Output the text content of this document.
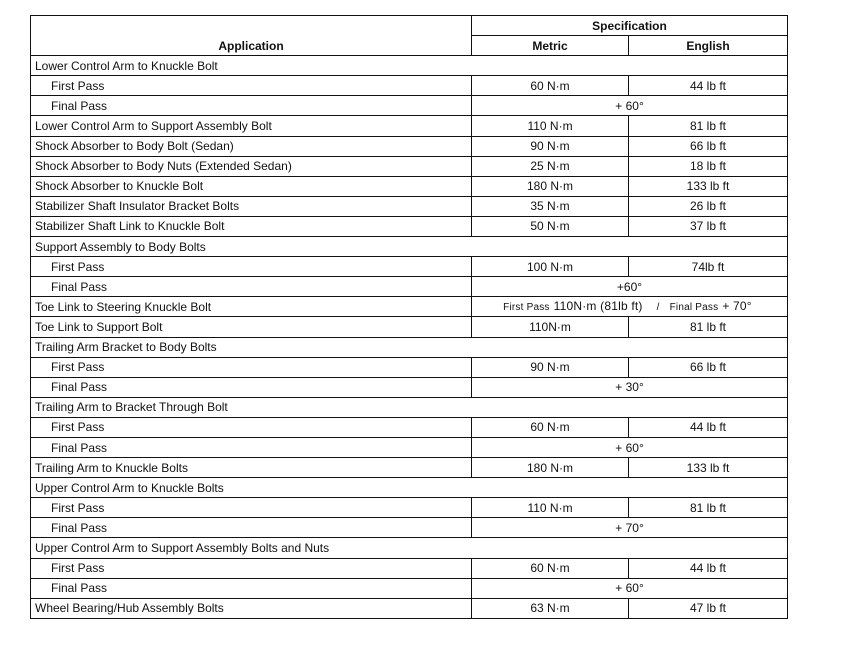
Application	Specification	
	Metric	English
Lower Control Arm to Knuckle Bolt		
First Pass	60 N·m	44 lb ft
Final Pass	+ 60°	
Lower Control Arm to Support Assembly Bolt	110 N·m	81 lb ft
Shock Absorber to Body Bolt (Sedan)	90 N·m	66 lb ft
Shock Absorber to Body Nuts (Extended Sedan)	25 N·m	18 lb ft
Shock Absorber to Knuckle Bolt	180 N·m	133 lb ft
Stabilizer Shaft Insulator Bracket Bolts	35 N·m	26 lb ft
Stabilizer Shaft Link to Knuckle Bolt	50 N·m	37 lb ft
Support Assembly to Body Bolts		
First Pass	100 N·m	74lb ft
Final Pass	+60°	
Toe Link to Steering Knuckle Bolt	First Pass 110N·m (81lb ft) / Final Pass + 70°	
Toe Link to Support Bolt	110N·m	81 lb ft
Trailing Arm Bracket to Body Bolts		
First Pass	90 N·m	66 lb ft
Final Pass	+ 30°	
Trailing Arm to Bracket Through Bolt		
First Pass	60 N·m	44 lb ft
Final Pass	+ 60°	
Trailing Arm to Knuckle Bolts	180 N·m	133 lb ft
Upper Control Arm to Knuckle Bolts		
First Pass	110 N·m	81 lb ft
Final Pass	+ 70°	
Upper Control Arm to Support Assembly Bolts and Nuts		
First Pass	60 N·m	44 lb ft
Final Pass	+ 60°	
Wheel Bearing/Hub Assembly Bolts	63 N·m	47 lb ft
